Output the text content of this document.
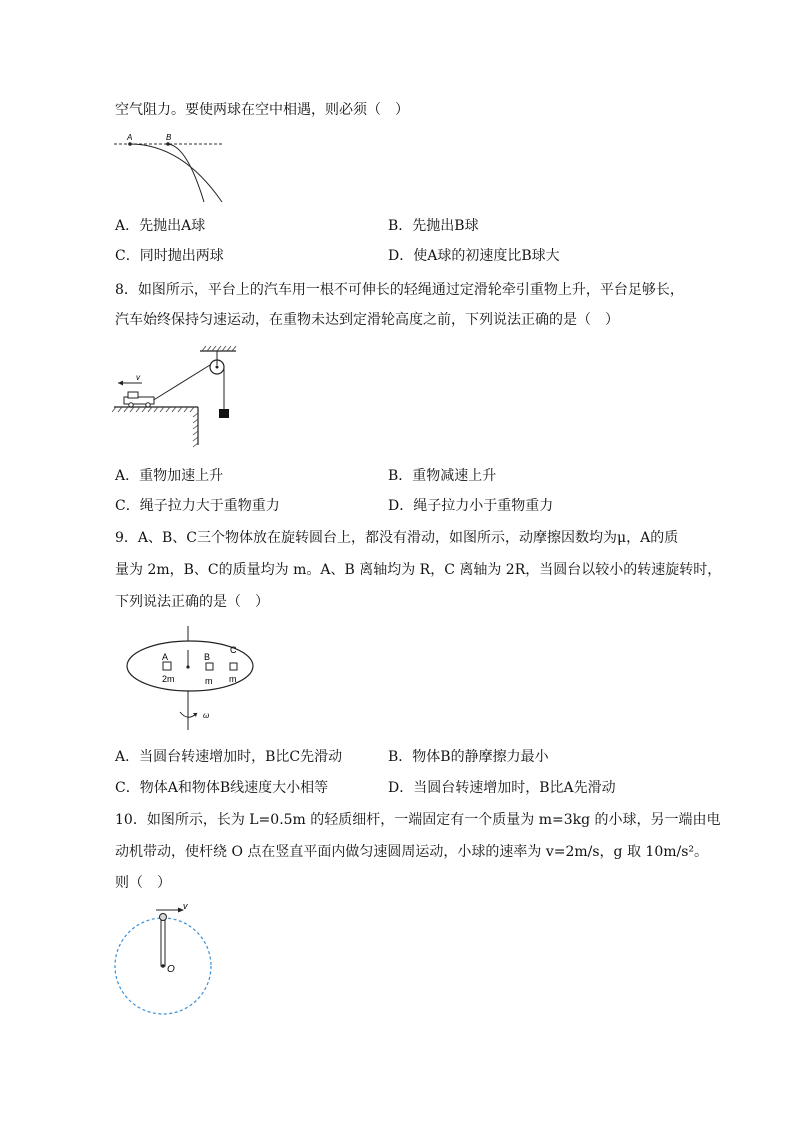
空气阻力。要使两球在空中相遇，则必须（　）
A	B
A．先抛出A球	B．先抛出B球
C．同时抛出两球	D．使A球的初速度比B球大
8．如图所示，平台上的汽车用一根不可伸长的轻绳通过定滑轮牵引重物上升，平台足够长，
汽车始终保持匀速运动，在重物未达到定滑轮高度之前，下列说法正确的是（　）
v
A．重物加速上升	B．重物减速上升
C．绳子拉力大于重物重力	D．绳子拉力小于重物重力
9．A、B、C三个物体放在旋转圆台上，都没有滑动，如图所示，动摩擦因数均为μ，A的质
量为 2m，B、C的质量均为 m。A、B 离轴均为 R，C 离轴为 2R，当圆台以较小的转速旋转时，
下列说法正确的是（　）
A	B
C
2m	m m
ω
A．当圆台转速增加时，B比C先滑动	B．物体B的静摩擦力最小
C．物体A和物体B线速度大小相等	D．当圆台转速增加时，B比A先滑动
10．如图所示，长为 L=0.5m 的轻质细杆，一端固定有一个质量为 m=3kg 的小球，另一端由电
动机带动，使杆绕 O 点在竖直平面内做匀速圆周运动，小球的速率为 v=2m/s，g 取 10m/s²。
则（　）
v
O
